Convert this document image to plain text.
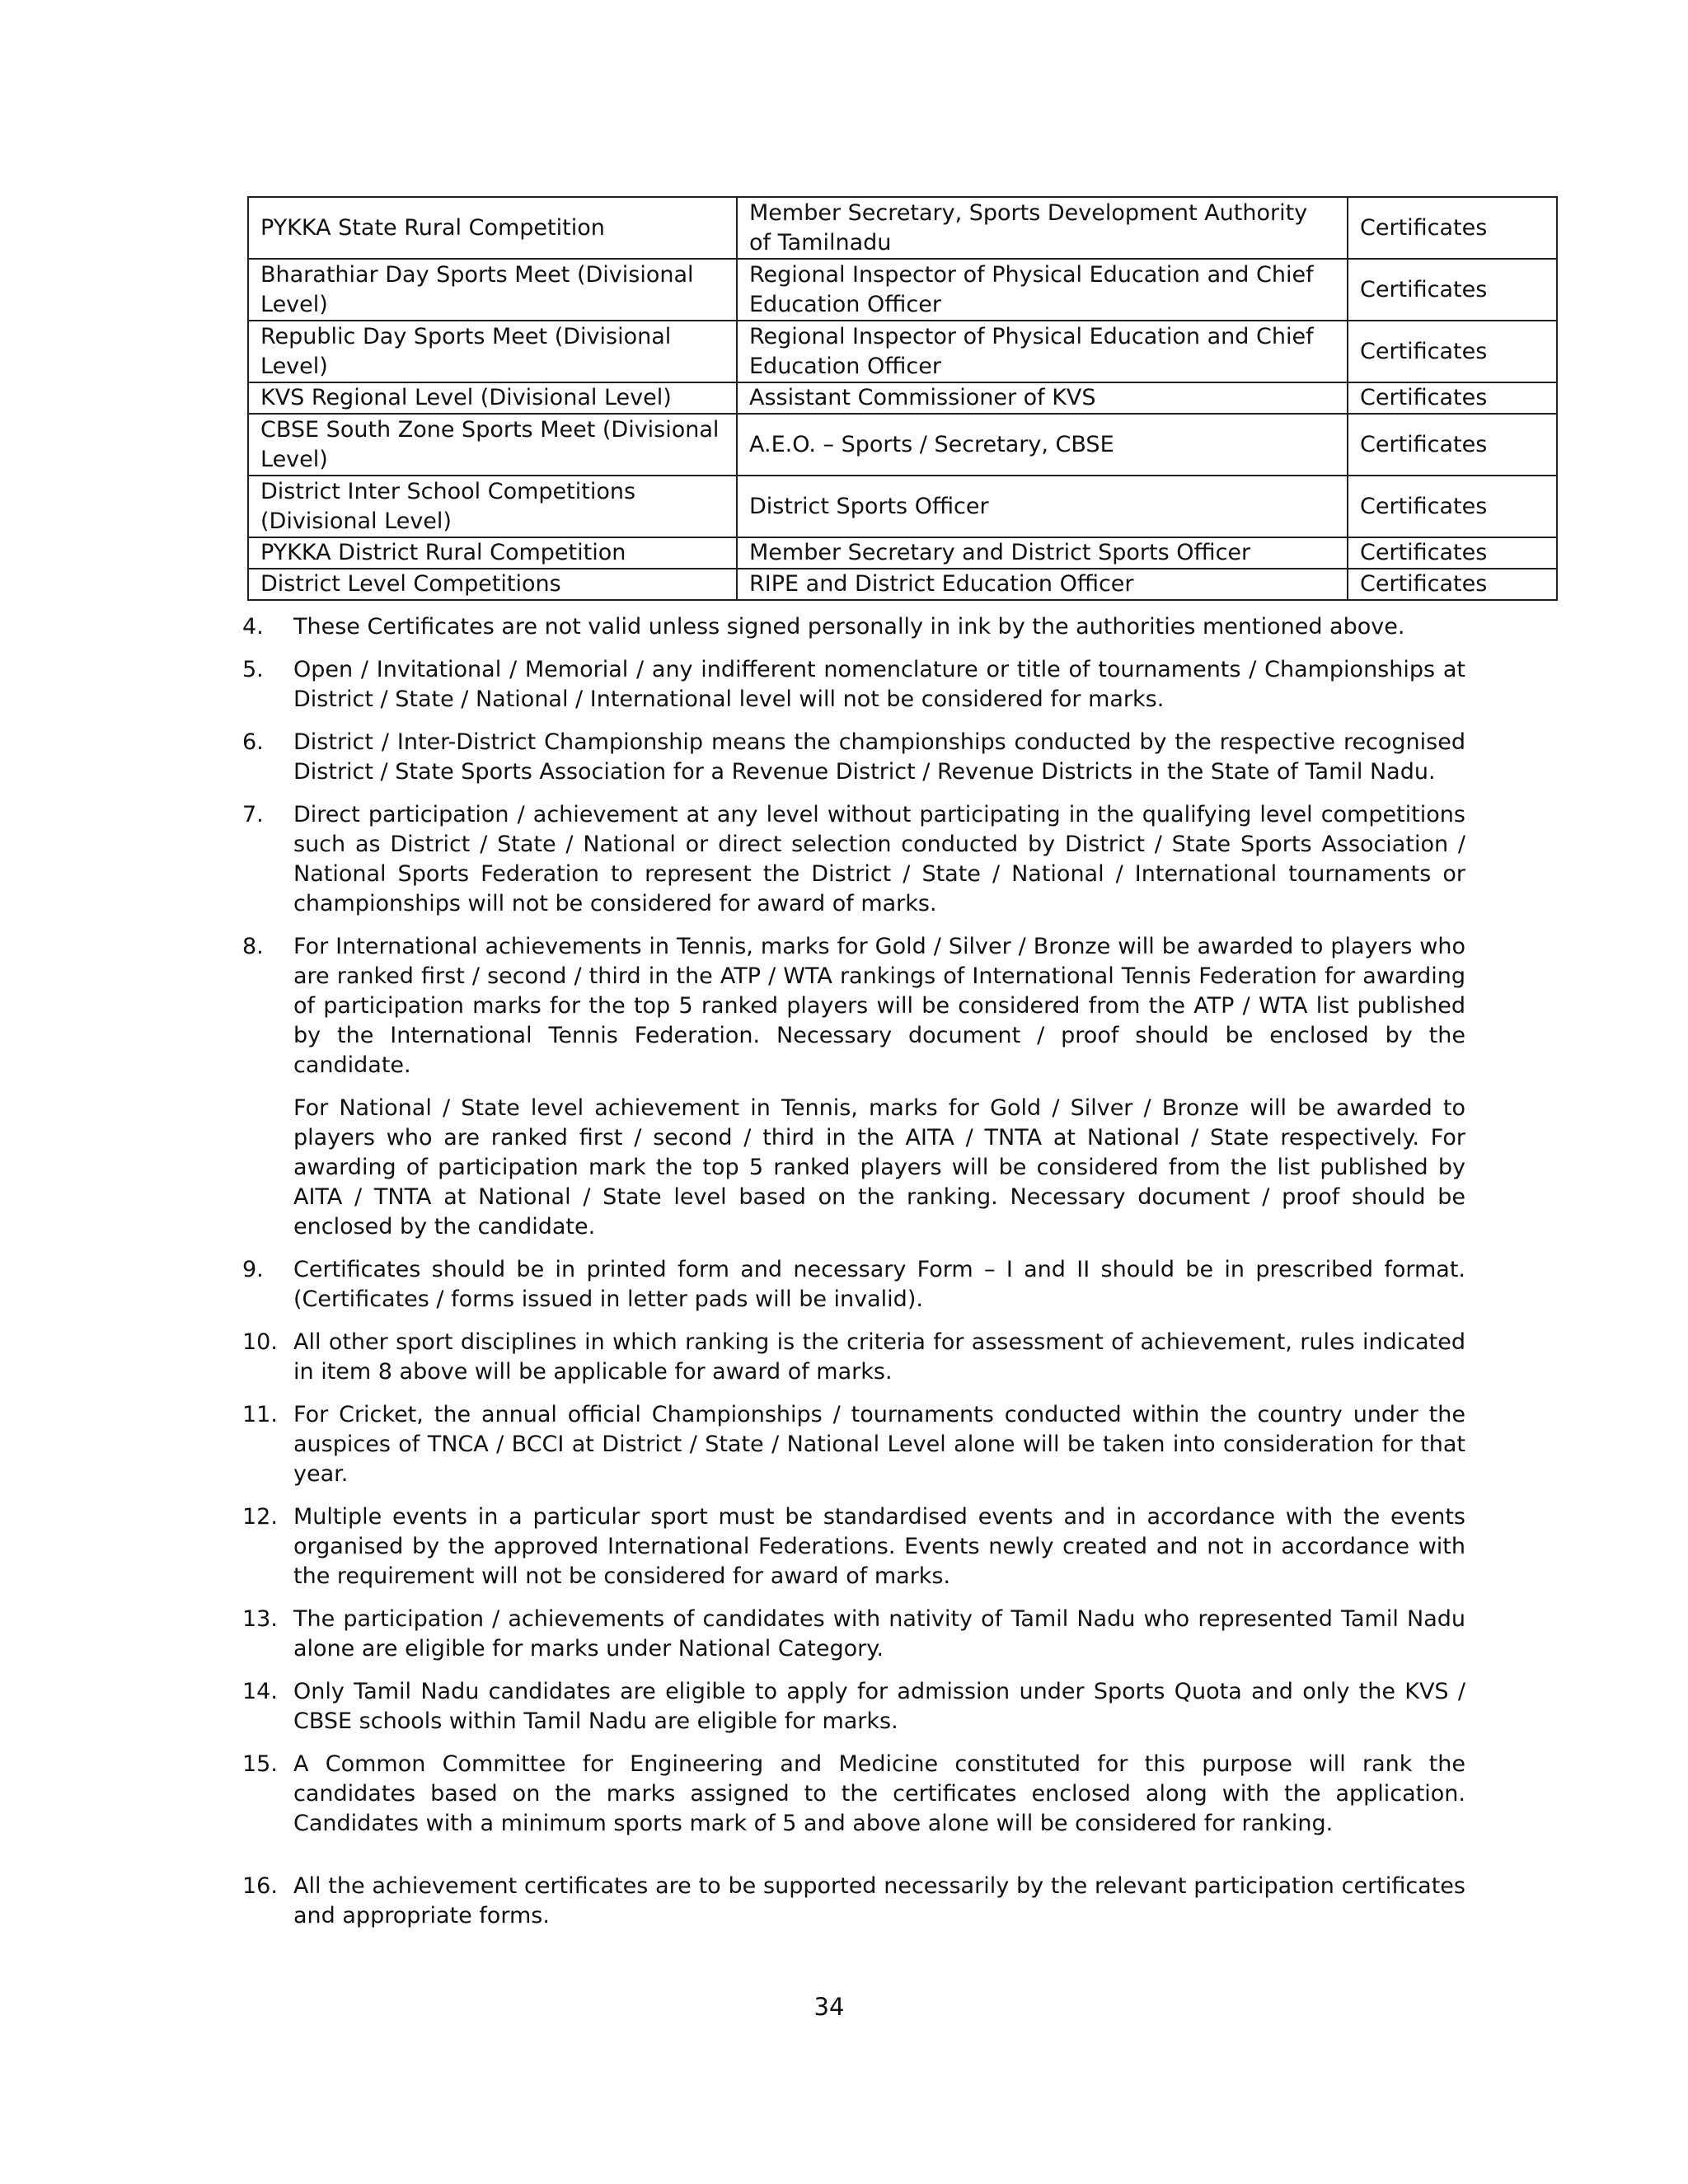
PYKKA State Rural Competition	Member Secretary, Sports Development Authority of Tamilnadu	Certificates
Bharathiar Day Sports Meet (Divisional Level)	Regional Inspector of Physical Education and Chief Education Officer	Certificates
Republic Day Sports Meet (Divisional Level)	Regional Inspector of Physical Education and Chief Education Officer	Certificates
KVS Regional Level (Divisional Level)	Assistant Commissioner of KVS	Certificates
CBSE South Zone Sports Meet (Divisional Level)	A.E.O. – Sports / Secretary, CBSE	Certificates
District Inter School Competitions (Divisional Level)	District Sports Officer	Certificates
PYKKA District Rural Competition	Member Secretary and District Sports Officer	Certificates
District Level Competitions	RIPE and District Education Officer	Certificates
4.	These Certificates are not valid unless signed personally in ink by the authorities mentioned above.
5.	Open / Invitational / Memorial / any indifferent nomenclature or title of tournaments / Championships at District / State / National / International level will not be considered for marks.
6.	District / Inter-District Championship means the championships conducted by the respective recognised District / State Sports Association for a Revenue District / Revenue Districts in the State of Tamil Nadu.
7.	Direct participation / achievement at any level without participating in the qualifying level competitions such as District / State / National or direct selection conducted by District / State Sports Association / National Sports Federation to represent the District / State / National / International tournaments or championships will not be considered for award of marks.
8.	For International achievements in Tennis, marks for Gold / Silver / Bronze will be awarded to players who are ranked first / second / third in the ATP / WTA rankings of International Tennis Federation for awarding of participation marks for the top 5 ranked players will be considered from the ATP / WTA list published by the International Tennis Federation. Necessary document / proof should be enclosed by the candidate.
For National / State level achievement in Tennis, marks for Gold / Silver / Bronze will be awarded to players who are ranked first / second / third in the AITA / TNTA at National / State respectively. For awarding of participation mark the top 5 ranked players will be considered from the list published by AITA / TNTA at National / State level based on the ranking. Necessary document / proof should be enclosed by the candidate.
9.	Certificates should be in printed form and necessary Form – I and II should be in prescribed format. (Certificates / forms issued in letter pads will be invalid).
10. All other sport disciplines in which ranking is the criteria for assessment of achievement, rules indicated in item 8 above will be applicable for award of marks.
11. For Cricket, the annual official Championships / tournaments conducted within the country under the auspices of TNCA / BCCI at District / State / National Level alone will be taken into consideration for that year.
12. Multiple events in a particular sport must be standardised events and in accordance with the events organised by the approved International Federations. Events newly created and not in accordance with the requirement will not be considered for award of marks.
13. The participation / achievements of candidates with nativity of Tamil Nadu who represented Tamil Nadu alone are eligible for marks under National Category.
14. Only Tamil Nadu candidates are eligible to apply for admission under Sports Quota and only the KVS / CBSE schools within Tamil Nadu are eligible for marks.
15. A Common Committee for Engineering and Medicine constituted for this purpose will rank the candidates based on the marks assigned to the certificates enclosed along with the application. Candidates with a minimum sports mark of 5 and above alone will be considered for ranking.
16. All the achievement certificates are to be supported necessarily by the relevant participation certificates and appropriate forms.
34
